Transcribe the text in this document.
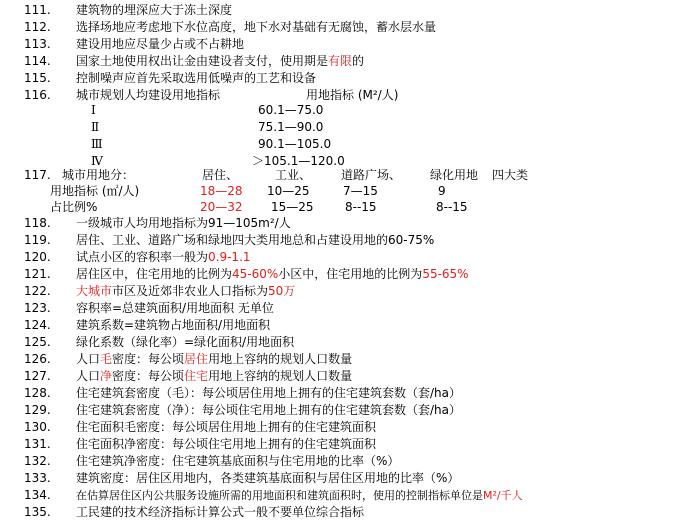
111.	建筑物的埋深应大于冻土深度
112.	选择场地应考虑地下水位高度，地下水对基础有无腐蚀，蓄水层水量
113.	建设用地应尽量少占或不占耕地
114.	国家土地使用权出让金由建设者支付，使用期是有限的
115.	控制噪声应首先采取选用低噪声的工艺和设备
116.	城市规划人均建设用地指标	用地指标 (M²/人)
Ⅰ	60.1—75.0
Ⅱ	75.1—90.0
Ⅲ	90.1—105.0
Ⅳ	＞105.1—120.0
117. 城市用地分：	居住、	工业、 道路广场、 绿化用地 四大类
用地指标 (㎡/人)	18—28 10—25	7—15	9
占比例%	20—32 15—25	8--15	8--15
118.	一级城市人均用地指标为91—105m²/人
119.	居住、工业、道路广场和绿地四大类用地总和占建设用地的60-75%
120.	试点小区的容积率一般为0.9-1.1
121.	居住区中，住宅用地的比例为45-60%小区中，住宅用地的比例为55-65%
122.	大城市市区及近郊非农业人口指标为50万
123.	容积率=总建筑面积/用地面积 无单位
124.	建筑系数=建筑物占地面积/用地面积
125.	绿化系数（绿化率）=绿化面积/用地面积
126.	人口毛密度：每公顷居住用地上容纳的规划人口数量
127.	人口净密度：每公顷住宅用地上容纳的规划人口数量
128.	住宅建筑套密度（毛）：每公顷居住用地上拥有的住宅建筑套数（套/ha）
129.	住宅建筑套密度（净）：每公顷住宅用地上拥有的住宅建筑套数（套/ha）
130.	住宅面积毛密度：每公顷居住用地上拥有的住宅建筑面积
131.	住宅面积净密度：每公顷住宅用地上拥有的住宅建筑面积
132.	住宅建筑净密度：住宅建筑基底面积与住宅用地的比率（%）
133.	建筑密度：居住区用地内，各类建筑基底面积与居住区用地的比率（%）
134.	在估算居住区内公共服务设施所需的用地面积和建筑面积时，使用的控制指标单位是M²/千人
135.	工民建的技术经济指标计算公式一般不要单位综合指标
